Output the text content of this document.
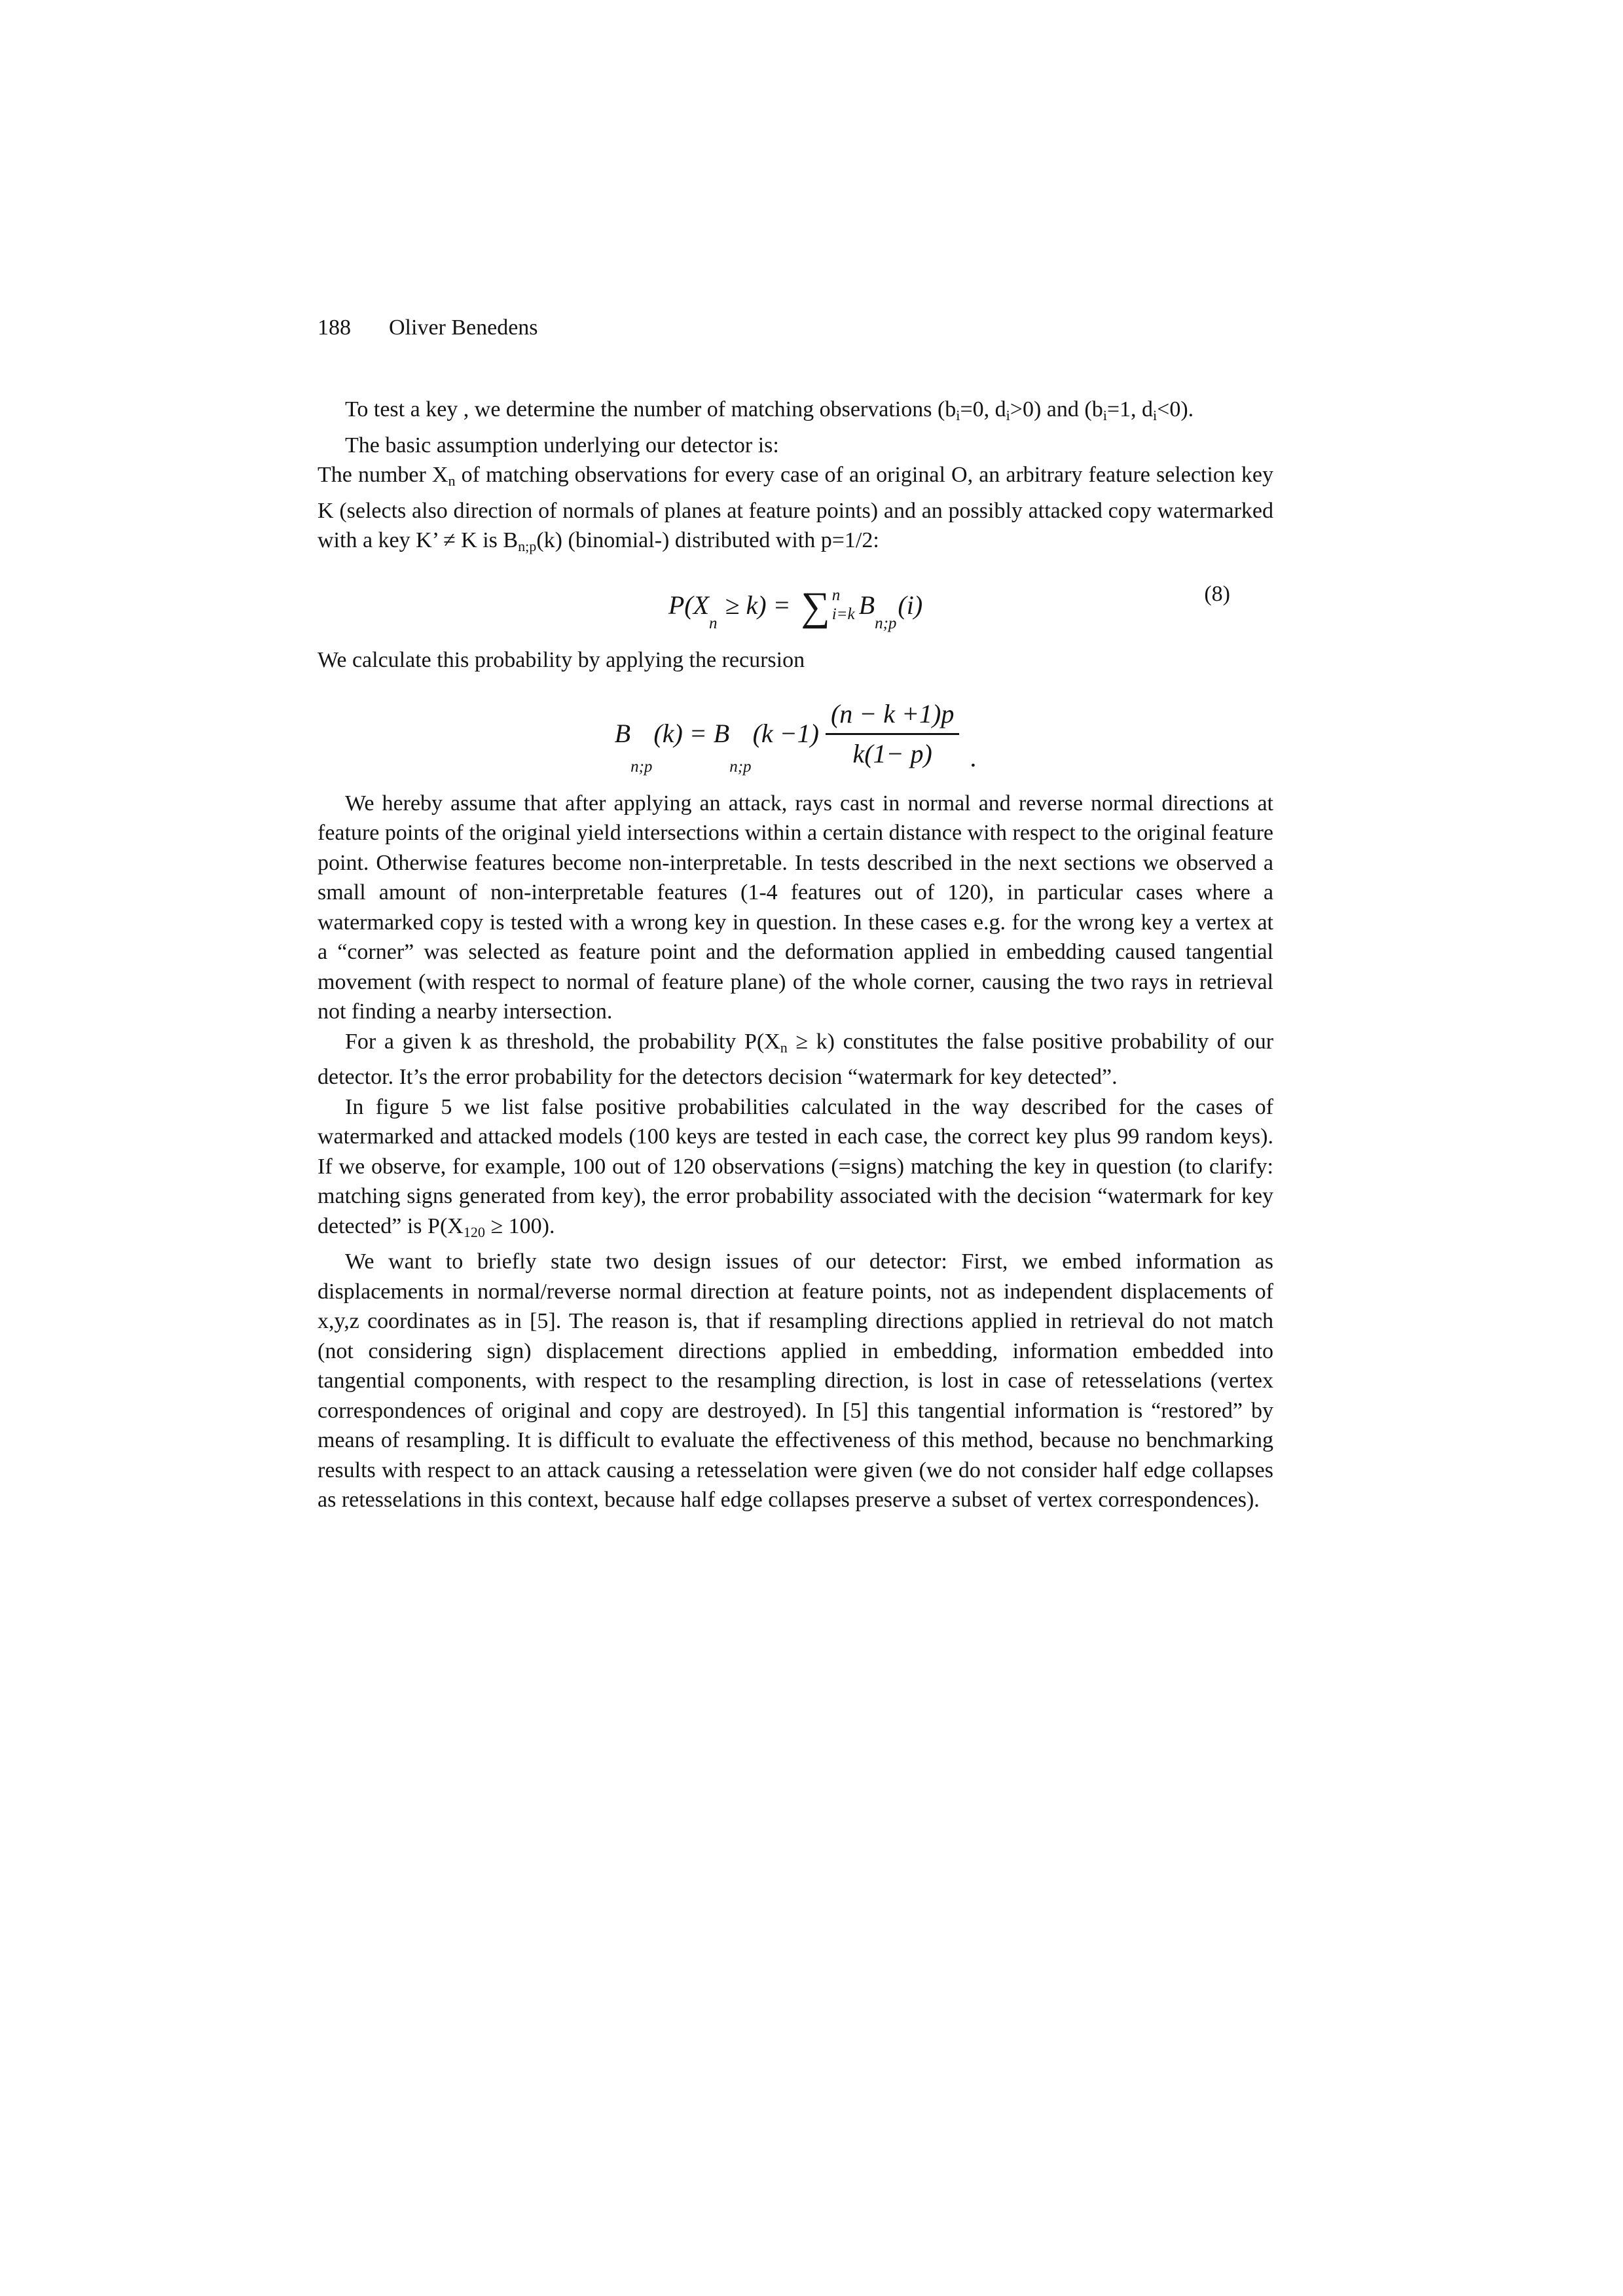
188 Oliver Benedens

To test a key , we determine the number of matching observations ($b_i=0$, $d_i>0$) and ($b_i=1$, $d_i<0$).

The basic assumption underlying our detector is:

The number $X_n$ of matching observations for every case of an original O, an arbitrary feature selection key K (selects also direction of normals of planes at feature points) and an possibly attacked copy watermarked with a key K’ ≠ K is $B_{n;p}(k)$ (binomial-) distributed with p=1/2:

P(X
n
≥ k) = ∑ n
i=k B
n;p
(i)	(8)

We calculate this probability by applying the recursion

B
n;p
(k) = B
n;p
$(k -1) \frac{(n - k +1)p}{k(1- p)}$ .

We hereby assume that after applying an attack, rays cast in normal and reverse normal directions at feature points of the original yield intersections within a certain distance with respect to the original feature point. Otherwise features become non-interpretable. In tests described in the next sections we observed a small amount of non-interpretable features (1-4 features out of 120), in particular cases where a watermarked copy is tested with a wrong key in question. In these cases e.g. for the wrong key a vertex at a “corner” was selected as feature point and the deformation applied in embedding caused tangential movement (with respect to normal of feature plane) of the whole corner, causing the two rays in retrieval not finding a nearby intersection.

For a given k as threshold, the probability $P(X_n \ge k)$ constitutes the false positive probability of our detector. It’s the error probability for the detectors decision “watermark for key detected”.

In figure 5 we list false positive probabilities calculated in the way described for the cases of watermarked and attacked models (100 keys are tested in each case, the correct key plus 99 random keys). If we observe, for example, 100 out of 120 observations (=signs) matching the key in question (to clarify: matching signs generated from key), the error probability associated with the decision “watermark for key detected” is $P(X_{120} \ge 100)$.

We want to briefly state two design issues of our detector: First, we embed information as displacements in normal/reverse normal direction at feature points, not as independent displacements of x,y,z coordinates as in [5]. The reason is, that if resampling directions applied in retrieval do not match (not considering sign) displacement directions applied in embedding, information embedded into tangential components, with respect to the resampling direction, is lost in case of retesselations (vertex correspondences of original and copy are destroyed). In [5] this tangential information is “restored” by means of resampling. It is difficult to evaluate the effectiveness of this method, because no benchmarking results with respect to an attack causing a retesselation were given (we do not consider half edge collapses as retesselations in this context, because half edge collapses preserve a subset of vertex correspondences).
